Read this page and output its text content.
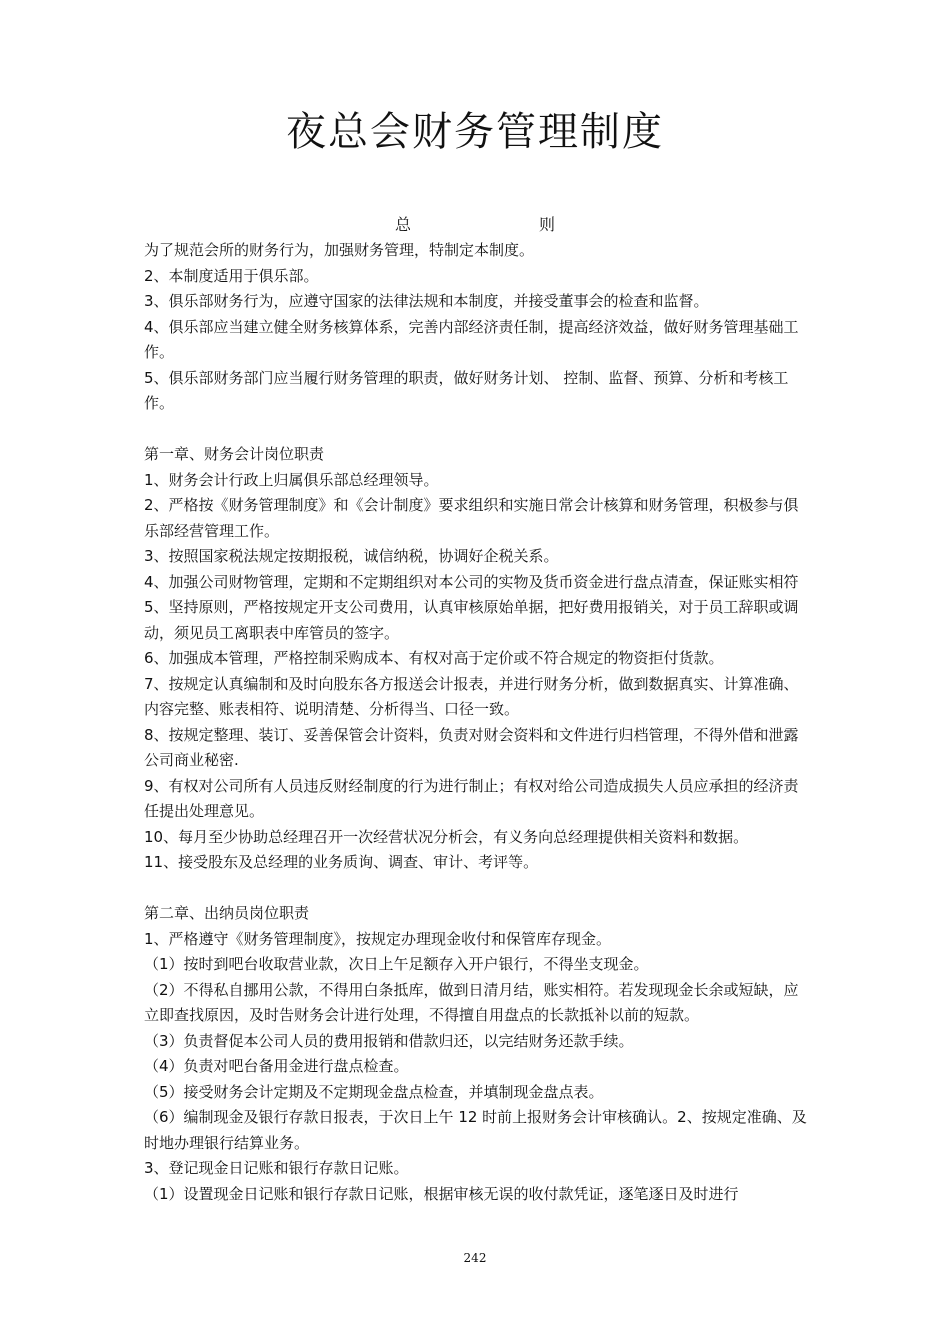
夜总会财务管理制度
总	则

为了规范会所的财务行为，加强财务管理，特制定本制度。

2、本制度适用于俱乐部。

3、俱乐部财务行为，应遵守国家的法律法规和本制度，并接受董事会的检查和监督。

4、俱乐部应当建立健全财务核算体系，完善内部经济责任制，提高经济效益，做好财务管理基础工作。

5、俱乐部财务部门应当履行财务管理的职责，做好财务计划、 控制、监督、预算、分析和考核工作。

第一章、财务会计岗位职责

1、财务会计行政上归属俱乐部总经理领导。

2、严格按《财务管理制度》和《会计制度》要求组织和实施日常会计核算和财务管理，积极参与俱乐部经营管理工作。

3、按照国家税法规定按期报税，诚信纳税，协调好企税关系。

4、加强公司财物管理，定期和不定期组织对本公司的实物及货币资金进行盘点清查，保证账实相符

5、坚持原则，严格按规定开支公司费用，认真审核原始单据，把好费用报销关，对于员工辞职或调动，须见员工离职表中库管员的签字。

6、加强成本管理，严格控制采购成本、有权对高于定价或不符合规定的物资拒付货款。

7、按规定认真编制和及时向股东各方报送会计报表，并进行财务分析，做到数据真实、计算准确、内容完整、账表相符、说明清楚、分析得当、口径一致。

8、按规定整理、装订、妥善保管会计资料，负责对财会资料和文件进行归档管理，不得外借和泄露公司商业秘密.

9、有权对公司所有人员违反财经制度的行为进行制止；有权对给公司造成损失人员应承担的经济责任提出处理意见。

10、每月至少协助总经理召开一次经营状况分析会，有义务向总经理提供相关资料和数据。

11、接受股东及总经理的业务质询、调查、审计、考评等。

第二章、出纳员岗位职责

1、严格遵守《财务管理制度》，按规定办理现金收付和保管库存现金。

（1）按时到吧台收取营业款，次日上午足额存入开户银行，不得坐支现金。

（2）不得私自挪用公款，不得用白条抵库，做到日清月结，账实相符。若发现现金长余或短缺，应立即查找原因，及时告财务会计进行处理，不得擅自用盘点的长款抵补以前的短款。

（3）负责督促本公司人员的费用报销和借款归还，以完结财务还款手续。

（4）负责对吧台备用金进行盘点检查。

（5）接受财务会计定期及不定期现金盘点检查，并填制现金盘点表。

（6）编制现金及银行存款日报表，于次日上午 12 时前上报财务会计审核确认。2、按规定准确、及时地办理银行结算业务。

3、登记现金日记账和银行存款日记账。

（1）设置现金日记账和银行存款日记账，根据审核无误的收付款凭证，逐笔逐日及时进行

242
